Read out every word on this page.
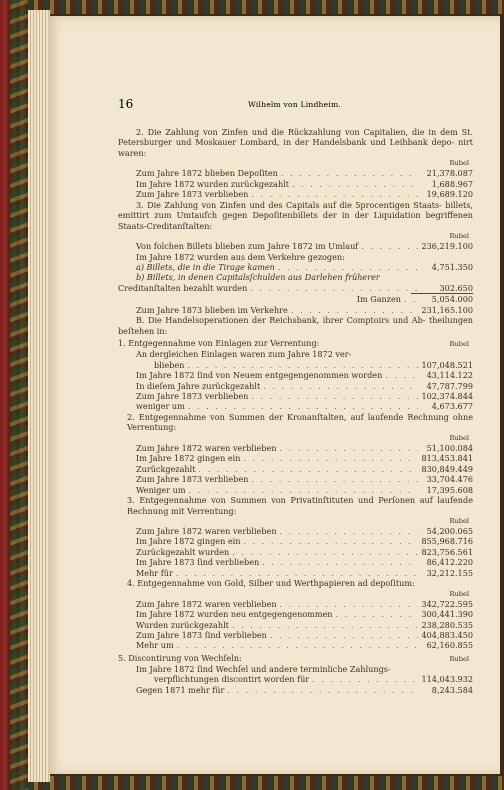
16	Wilhelm von Lindheim.

2. Die Zahlung von Zinfen und die Rückzahlung von Capitalien, die in dem St. Petersburger und Moskauer Lombard, in der Handelsbank und Leihbank depo- nirt waren:

Rubel
Zum Jahre 1872 blieben Depoſiten . . .	21,378.087
Im Jahre 1872 wurden zurückgezahlt . . .	1,688.967
Zum Jahre 1873 verblieben . . .	19,689.120

3. Die Zahlung von Zinfen und des Capitals auf die 5procentigen Staats- billets, emittirt zum Umtaufch gegen Depoſitenbillets der in der Liquidation begriffenen Staats-Creditanſtalten:

Rubel
Von folchen Billets blieben zum Jahre 1872 im Umlauf . . .	236,219.100
Im Jahre 1872 wurden aus dem Verkehre gezogen:
a) Billets, die in die Tirage kamen . . .	4,751.350
b) Billets, in denen Capitalsſchulden aus Darlehen früherer
Creditanſtalten bezahlt wurden . . .	302.650
Im Ganzen . . .	5,054.000
Zum Jahre 1873 blieben im Verkehre . . .	231,165.100

B. Die Handelsoperationen der Reichsbank, ihrer Comptoirs und Ab- theilungen beſtehen in:

1. Entgegennahme von Einlagen zur Verrentung:	Rubel
An dergleichen Einlagen waren zum Jahre 1872 ver-
blieben . . .	107,048.521
Im Jahre 1872 ſind von Neuem entgegengenommen worden . . .	43,114.122
In dieſem Jahre zurückgezahlt . . .	47,787.799
Zum Jahre 1873 verblieben . . .	102,374.844
weniger um . . .	4,673.677

2. Entgegennahme von Summen der Kronanſtalten, auf laufende Rechnung ohne Verrentung:

Rubel
Zum Jahre 1872 waren verblieben . . .	51,100.084
Im Jahre 1872 gingen ein . . .	813,453.841
Zurückgezahlt . . .	830,849.449
Zum Jahre 1873 verblieben . . .	33,704.476
Weniger um . . .	17,395.608

3. Entgegennahme von Summen von Privatinſtituten und Perſonen auf laufende Rechnung mit Verrentung:

Rubel
Zum Jahre 1872 waren verblieben . . .	54,200.065
Im Jahre 1872 gingen ein . . .	855,968.716
Zurückgezahlt wurden . . .	823,756.561
Im Jahre 1873 ſind verblieben . . .	86,412.220
Mehr für . . .	32,212.155

4. Entgegennahme von Gold, Silber und Werthpapieren ad depoſitum:

Rubel
Zum Jahre 1872 waren verblieben . . .	342,722.595
Im Jahre 1872 wurden neu entgegengenommen . . .	300,441.390
Wurden zurückgezahlt . . .	238,280.535
Zum Jahre 1873 ſind verblieben . . .	404,883.450
Mehr um . . .	62,160.855
5. Discontirung von Wechſeln:	Rubel
Im Jahre 1872 ſind Wechſel und andere terminliche Zahlungs-
verpflichtungen discontirt worden für . . .	114,043.932
Gegen 1871 mehr für . . .	8,243.584
